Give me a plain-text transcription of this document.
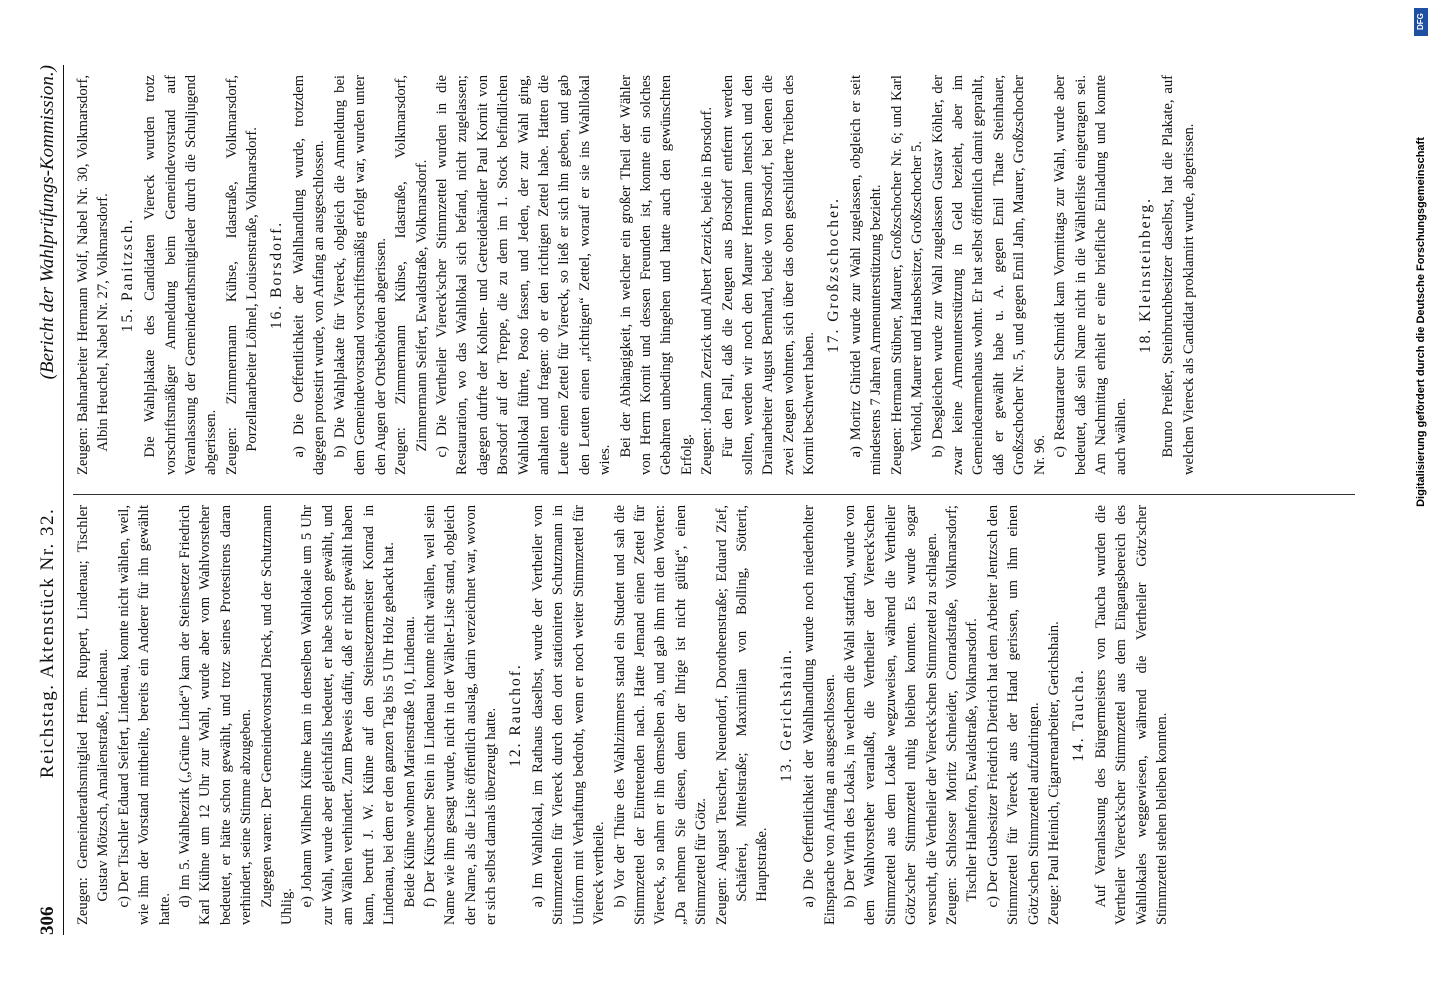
306
Reichstag. Aktenstück Nr. 32.
(Bericht der Wahlprüfungs-Kommission.)

Zeugen: Gemeinderathsmitglied Herm. Ruppert, Lindenau; Tischler Gustav Mötzsch, Amalienstraße, Lindenau. c) Der Tischler Eduard Seifert, Lindenau, konnte nicht wählen, weil, wie ihm der Vorstand mittheilte, bereits ein Anderer für ihn gewählt hatte.

d) Im 5. Wahlbezirk („Grüne Linde“) kam der Steinsetzer Friedrich Karl Kühne um 12 Uhr zur Wahl, wurde aber vom Wahlvorsteher bedeutet, er hätte schon gewählt, und trotz seines Protestirens daran verhindert, seine Stimme abzugeben. Zugegen waren: Der Gemeindevorstand Dieck, und der Schutzmann Uhlig. e) Johann Wilhelm Kühne kam in denselben Wahllokale um 5 Uhr zur Wahl, wurde aber gleichfalls bedeutet, er habe schon gewählt, und am Wählen verhindert. Zum Beweis dafür, daß er nicht gewählt haben kann, beruft J. W. Kühne auf den Steinsetzermeister Konrad in Lindenau, bei dem er den ganzen Tag bis 5 Uhr Holz gehackt hat. Beide Kühne wohnen Marienstraße 10, Lindenau. f) Der Kürschner Stein in Lindenau konnte nicht wählen, weil sein Name wie ihm gesagt wurde, nicht in der Wähler-Liste stand, obgleich der Name, als die Liste öffentlich auslag, darin verzeichnet war, wovon er sich selbst damals überzeugt hatte. 12. Rauchof. a) Im Wahllokal, im Rathaus daselbst, wurde der Vertheiler von Stimmzetteln für Viereck durch den dort stationirten Schutzmann in Uniform mit Verhaftung bedroht, wenn er noch weiter Stimmzettel für Viereck vertheile. b) Vor der Thüre des Wahlzimmers stand ein Student und sah die Stimmzettel der Eintretenden nach. Hatte Jemand einen Zettel für Viereck, so nahm er ihn demselben ab, und gab ihm mit den Worten: „Da nehmen Sie diesen, denn der Ihrige ist nicht gültig“, einen Stimmzettel für Götz. Zeugen: August Teuscher, Neuendorf, Dorotheenstraße; Eduard Zief, Schäferei, Mittelstraße; Maximilian von Bolling, Sötterit, Hauptstraße.

13. Gerichshain. a) Die Oeffentlichkeit der Wahlhandlung wurde noch niederholter Einsprache von Anfang an ausgeschlossen. b) Der Wirth des Lokals, in welchem die Wahl stattfand, wurde von dem Wahlvorsteher veranlaßt, die Vertheiler der Viereck'schen Stimmzettel aus dem Lokale wegzuweisen, während die Vertheiler Götz'scher Stimmzettel ruhig bleiben konnten. Es wurde sogar versucht, die Vertheiler der Viereck'schen Stimmzettel zu schlagen. Zeugen: Schlosser Moritz Schneider, Conradstraße, Volkmarsdorf; Tischler Hahnefron, Ewaldstraße, Volkmarsdorf. c) Der Gutsbesitzer Friedrich Dietrich hat dem Arbeiter Jentzsch den Stimmzettel für Viereck aus der Hand gerissen, um ihm einen Götz'schen Stimmzettel aufzudringen. Zeuge: Paul Heinich, Cigarrenarbeiter, Gerichshain. 14. Taucha. Auf Veranlassung des Bürgermeisters von Taucha wurden die Vertheiler Viereck'scher Stimmzettel aus dem Eingangsbereich des Wahllokales weggewiesen, während die Vertheiler Götz'scher Stimmzettel stehen bleiben konnten.

Zeugen: Bahnarbeiter Hermann Wolf, Nabel Nr. 30, Volkmarsdorf, Albin Heuchel, Nabel Nr. 27, Volkmarsdorf. 15. Panitzsch. Die Wahlplakate des Candidaten Viereck wurden trotz vorschriftsmäßiger Anmeldung beim Gemeindevorstand auf Veranlassung der Gemeinderathsmitglieder durch die Schuljugend abgerissen. Zeugen: Zimmermann Kühse, Idastraße, Volkmarsdorf, Porzellanarbeiter Löhnel, Louisenstraße, Volkmarsdorf. 16. Borsdorf. a) Die Oeffentlichkeit der Wahlhandlung wurde, trotzdem dagegen protestirt wurde, von Anfang an ausgeschlossen. b) Die Wahlplakate für Viereck, obgleich die Anmeldung bei dem Gemeindevorstand vorschriftsmäßig erfolgt war, wurden unter den Augen der Ortsbehörden abgerissen. Zeugen: Zimmermann Kühse, Idastraße, Volkmarsdorf, Zimmermann Seifert, Ewaldstraße, Volkmarsdorf. c) Die Vertheiler Viereck'scher Stimmzettel wurden in die Restauration, wo das Wahllokal sich befand, nicht zugelassen; dagegen durfte der Kohlen- und Getreidehändler Paul Kornit von Borsdorf auf der Treppe, die zu dem im 1. Stock befindlichen Wahllokal führte, Posto fassen, und Jeden, der zur Wahl ging, anhalten und fragen: ob er den richtigen Zettel habe. Hatten die Leute einen Zettel für Viereck, so ließ er sich ihn geben, und gab den Leuten einen „richtigen“ Zettel, worauf er sie ins Wahllokal wies.

Bei der Abhängigkeit, in welcher ein großer Theil der Wähler von Herrn Kornit und dessen Freunden ist, konnte ein solches Gebahren unbedingt hingehen und hatte auch den gewünschten Erfolg. Zeugen: Johann Zerzick und Albert Zerzick, beide in Borsdorf. Für den Fall, daß die Zeugen aus Borsdorf entfernt werden sollten, werden wir noch den Maurer Hermann Jentsch und den Drainarbeiter August Bernhard, beide von Borsdorf, bei denen die zwei Zeugen wohnten, sich über das oben geschilderte Treiben des Kornit beschwert haben.

17. Großzschocher. a) Moritz Ghirdel wurde zur Wahl zugelassen, obgleich er seit mindestens 7 Jahren Armenunterstützung bezieht. Zeugen: Hermann Stübner, Maurer, Großzschocher Nr. 6; und Karl Verhold, Maurer und Hausbesitzer, Großzschocher 5. b) Desgleichen wurde zur Wahl zugelassen Gustav Köhler, der zwar keine Armenunterstützung in Geld bezieht, aber im Gemeindearmenhaus wohnt. Er hat selbst öffentlich damit geprahlt, daß er gewählt habe u. A. gegen Emil Thate Steinhauer, Großzschocher Nr. 5, und gegen Emil Jahn, Maurer, Großzschocher Nr. 96. c) Restaurateur Schmidt kam Vormittags zur Wahl, wurde aber bedeutet, daß sein Name nicht in die Wählerliste eingetragen sei. Am Nachmittag erhielt er eine briefliche Einladung und konnte auch wählen.

18. Kleinsteinberg. Bruno Preißer, Steinbruchbesitzer daselbst, hat die Plakate, auf welchen Viereck als Candidat proklamirt wurde, abgerissen.	Digitalisierung gefördert durch die Deutsche Forschungsgemeinschaft
DFG
